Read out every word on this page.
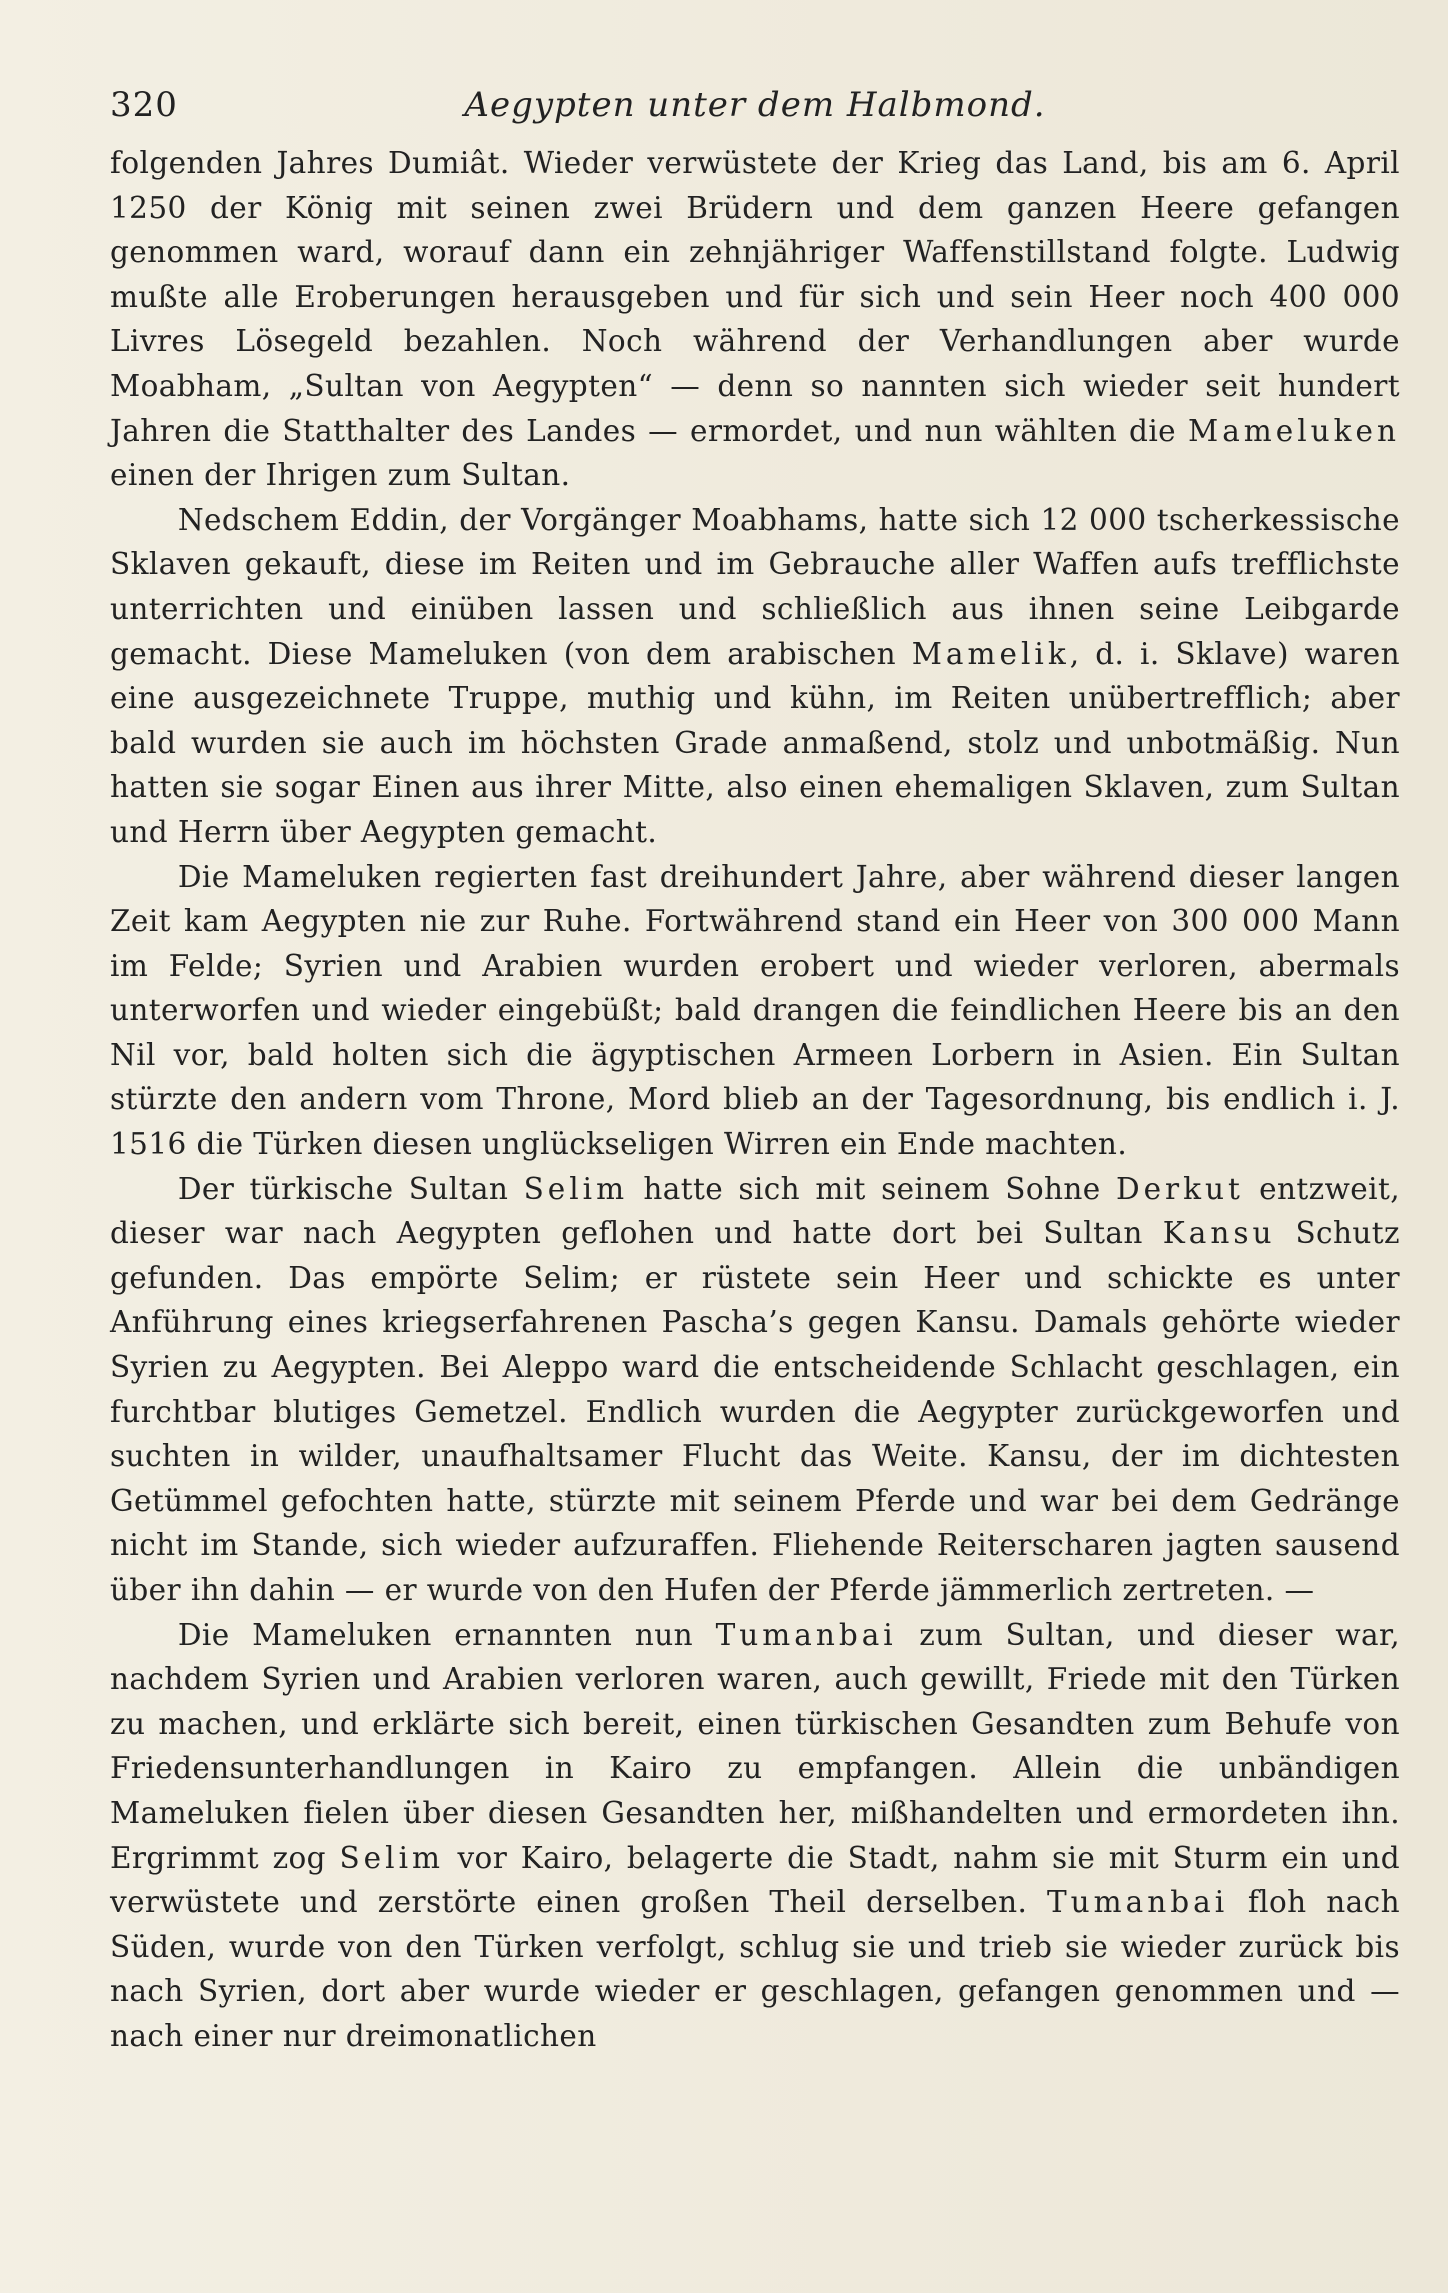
320	Aegypten unter dem Halbmond.

folgenden Jahres Dumiât. Wieder verwüstete der Krieg das Land, bis am 6. April 1250 der König mit seinen zwei Brüdern und dem ganzen Heere gefangen genommen ward, worauf dann ein zehnjähriger Waffenstillstand folgte. Ludwig mußte alle Eroberungen herausgeben und für sich und sein Heer noch 400 000 Livres Lösegeld bezahlen. Noch während der Verhandlungen aber wurde Moabham, „Sultan von Aegypten“ — denn so nannten sich wieder seit hundert Jahren die Statthalter des Landes — ermordet, und nun wählten die Mameluken einen der Ihrigen zum Sultan.

Nedschem Eddin, der Vorgänger Moabhams, hatte sich 12 000 tscherkessische Sklaven gekauft, diese im Reiten und im Gebrauche aller Waffen aufs trefflichste unterrichten und einüben lassen und schließlich aus ihnen seine Leibgarde gemacht. Diese Mameluken (von dem arabischen Mamelik, d. i. Sklave) waren eine ausgezeichnete Truppe, muthig und kühn, im Reiten unübertrefflich; aber bald wurden sie auch im höchsten Grade anmaßend, stolz und unbotmäßig. Nun hatten sie sogar Einen aus ihrer Mitte, also einen ehemaligen Sklaven, zum Sultan und Herrn über Aegypten gemacht.

Die Mameluken regierten fast dreihundert Jahre, aber während dieser langen Zeit kam Aegypten nie zur Ruhe. Fortwährend stand ein Heer von 300 000 Mann im Felde; Syrien und Arabien wurden erobert und wieder verloren, abermals unterworfen und wieder eingebüßt; bald drangen die feindlichen Heere bis an den Nil vor, bald holten sich die ägyptischen Armeen Lorbern in Asien. Ein Sultan stürzte den andern vom Throne, Mord blieb an der Tagesordnung, bis endlich i. J. 1516 die Türken diesen unglückseligen Wirren ein Ende machten.

Der türkische Sultan Selim hatte sich mit seinem Sohne Derkut entzweit, dieser war nach Aegypten geflohen und hatte dort bei Sultan Kansu Schutz gefunden. Das empörte Selim; er rüstete sein Heer und schickte es unter Anführung eines kriegserfahrenen Pascha’s gegen Kansu. Damals gehörte wieder Syrien zu Aegypten. Bei Aleppo ward die entscheidende Schlacht geschlagen, ein furchtbar blutiges Gemetzel. Endlich wurden die Aegypter zurückgeworfen und suchten in wilder, unaufhaltsamer Flucht das Weite. Kansu, der im dichtesten Getümmel gefochten hatte, stürzte mit seinem Pferde und war bei dem Gedränge nicht im Stande, sich wieder aufzuraffen. Fliehende Reiterscharen jagten sausend über ihn dahin — er wurde von den Hufen der Pferde jämmerlich zertreten. —

Die Mameluken ernannten nun Tumanbai zum Sultan, und dieser war, nachdem Syrien und Arabien verloren waren, auch gewillt, Friede mit den Türken zu machen, und erklärte sich bereit, einen türkischen Gesandten zum Behufe von Friedensunterhandlungen in Kairo zu empfangen. Allein die unbändigen Mameluken fielen über diesen Gesandten her, mißhandelten und ermordeten ihn. Ergrimmt zog Selim vor Kairo, belagerte die Stadt, nahm sie mit Sturm ein und verwüstete und zerstörte einen großen Theil derselben. Tumanbai floh nach Süden, wurde von den Türken verfolgt, schlug sie und trieb sie wieder zurück bis nach Syrien, dort aber wurde wieder er geschlagen, gefangen genommen und — nach einer nur dreimonatlichen
